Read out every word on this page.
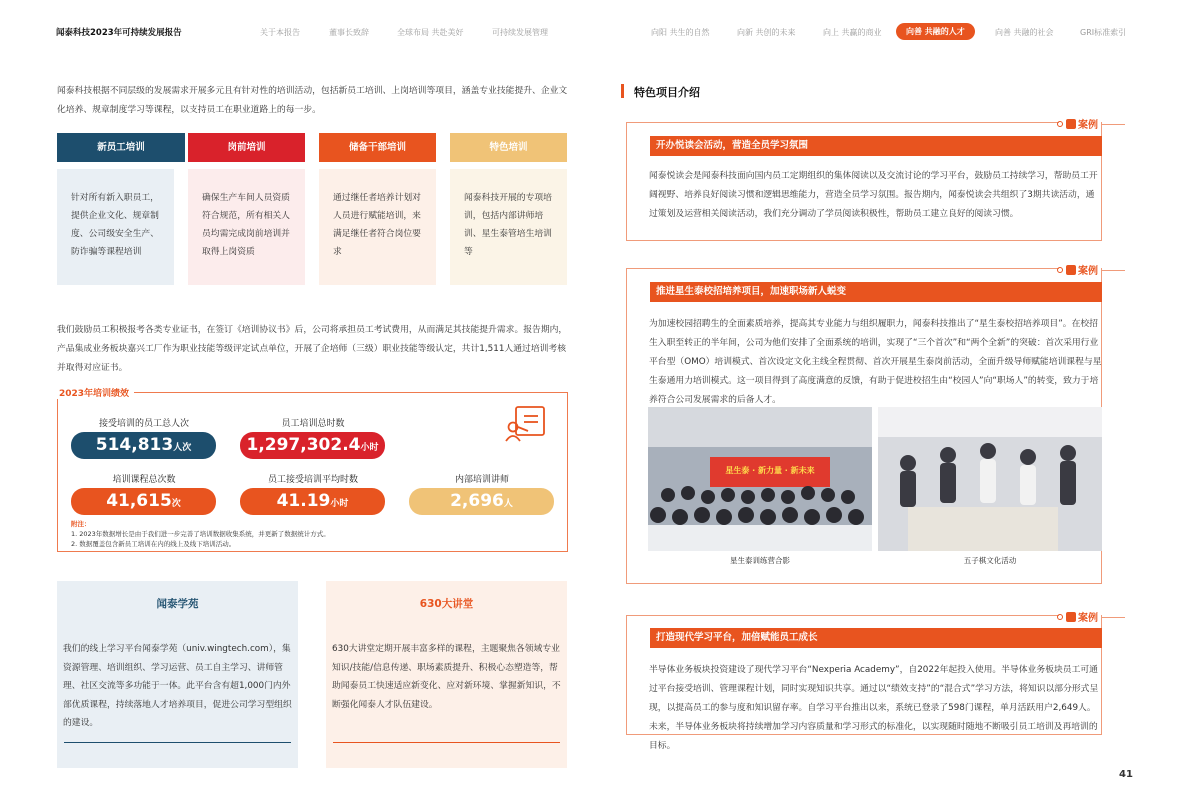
闻泰科技2023年可持续发展报告	关于本报告	董事长致辞	全球布局 共赴美好	可持续发展管理	向阳 共生的自然	向新 共创的未来	向上 共赢的商业	向善 共融的人才	向善 共融的社会	GRI标准索引
闻泰科技根据不同层级的发展需求开展多元且有针对性的培训活动，包括新员工培训、上岗培训等项目，涵盖专业技能提升、企业文化培养、规章制度学习等课程，以支持员工在职业道路上的每一步。
新员工培训	岗前培训	储备干部培训	特色培训
针对所有新入职员工，提供企业文化、规章制度、公司级安全生产、防诈骗等课程培训
确保生产车间人员资质符合规范，所有相关人员均需完成岗前培训并取得上岗资质
通过继任者培养计划对人员进行赋能培训，来满足继任者符合岗位要求
闻泰科技开展的专项培训，包括内部讲师培训、星生泰管培生培训等
我们鼓励员工积极报考各类专业证书，在签订《培训协议书》后，公司将承担员工考试费用，从而满足其技能提升需求。报告期内，产品集成业务板块嘉兴工厂作为职业技能等级评定试点单位，开展了企培师（三级）职业技能等级认定，共计1,511人通过培训考核并取得对应证书。
2023年培训绩效
接受培训的员工总人次
514,813人次
员工培训总时数
1,297,302.4小时
培训课程总次数
41,615次
员工接受培训平均时数
41.19小时
内部培训讲师
2,696人
附注：
1. 2023年数据增长是由于我们进一步完善了培训数据收集系统，并更新了数据统计方式。
2. 数据覆盖包含新员工培训在内的线上及线下培训活动。
闻泰学苑
我们的线上学习平台闻泰学苑（univ.wingtech.com），集资源管理、培训组织、学习运营、员工自主学习、讲师管理、社区交流等多功能于一体。此平台含有超1,000门内外部优质课程，持续落地人才培养项目，促进公司学习型组织的建设。
630大讲堂
630大讲堂定期开展丰富多样的课程，主题聚焦各领域专业知识/技能/信息传递、职场素质提升、积极心态塑造等，帮助闻泰员工快速适应新变化、应对新环境、掌握新知识，不断强化闻泰人才队伍建设。
特色项目介绍
案例
开办悦读会活动，营造全员学习氛围
闻泰悦读会是闻泰科技面向国内员工定期组织的集体阅读以及交流讨论的学习平台，鼓励员工持续学习，帮助员工开阔视野、培养良好阅读习惯和逻辑思维能力，营造全员学习氛围。报告期内，闻泰悦读会共组织了3期共读活动，通过策划及运营相关阅读活动，我们充分调动了学员阅读积极性，帮助员工建立良好的阅读习惯。
案例
推进星生泰校招培养项目，加速职场新人蜕变
为加速校园招聘生的全面素质培养，提高其专业能力与组织履职力，闻泰科技推出了“星生泰校招培养项目”。在校招生入职至转正的半年间，公司为他们安排了全面系统的培训，实现了“三个首次”和“两个全新”的突破：首次采用行业平台型（OMO）培训模式、首次设定文化主线全程贯彻、首次开展星生泰岗前活动，全面升级导师赋能培训课程与星生泰通用力培训模式。这一项目得到了高度满意的反馈，有助于促进校招生由“校园人”向“职场人”的转变，致力于培养符合公司发展需求的后备人才。
星生泰 · 新力量 · 新未来
星生泰训练营合影	五子棋文化活动
案例
打造现代学习平台，加倍赋能员工成长
半导体业务板块投资建设了现代学习平台“Nexperia Academy”，自2022年起投入使用。半导体业务板块员工可通过平台接受培训、管理课程计划，同时实现知识共享。通过以“绩效支持”的“混合式”学习方法，将知识以部分形式呈现，以提高员工的参与度和知识留存率。自学习平台推出以来，系统已登录了598门课程，单月活跃用户2,649人。未来，半导体业务板块将持续增加学习内容质量和学习形式的标准化，以实现随时随地不断吸引员工培训及再培训的目标。
41
